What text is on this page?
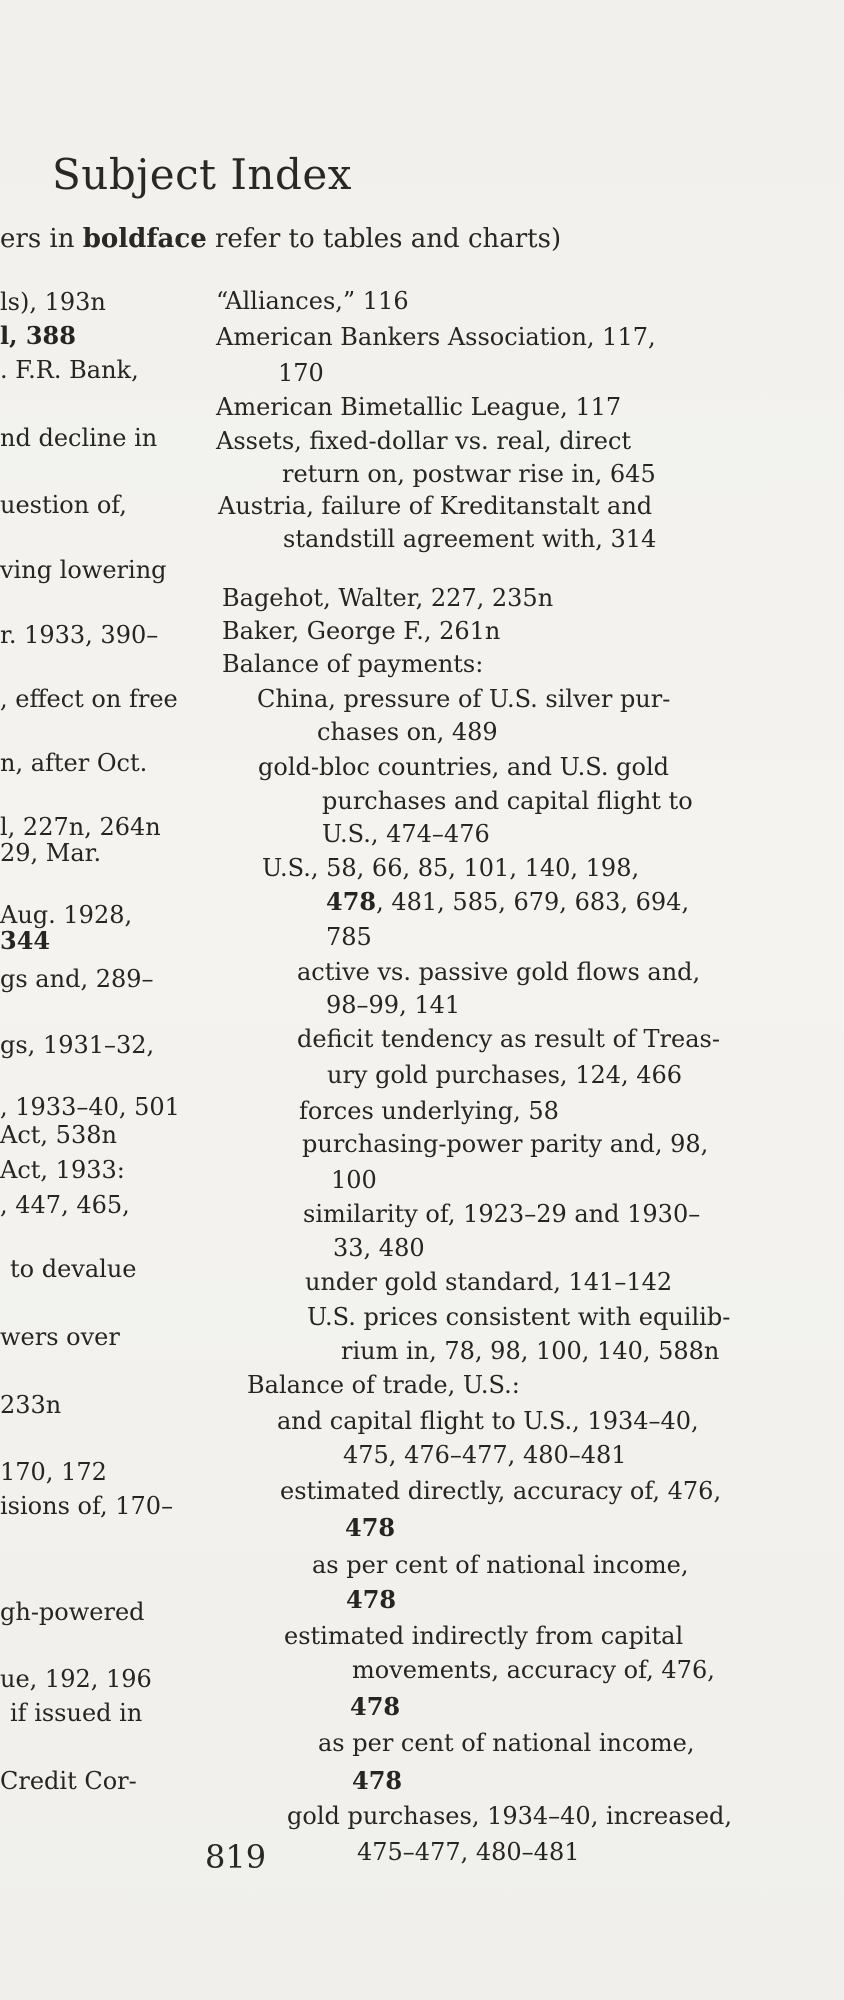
Subject Index
ers in boldface refer to tables and charts)
ls), 193n
l, 388
. F.R. Bank,
nd decline in
uestion of,
ving lowering
r. 1933, 390–
, effect on free
n, after Oct.
l, 227n, 264n
29, Mar.
Aug. 1928,
344
gs and, 289–
gs, 1931–32,
, 1933–40, 501
Act, 538n
Act, 1933:
, 447, 465,
to devalue
wers over
233n
170, 172
isions of, 170–
gh-powered
ue, 192, 196
if issued in
Credit Cor-
“Alliances,” 116
American Bankers Association, 117,
170
American Bimetallic League, 117
Assets, fixed-dollar vs. real, direct
return on, postwar rise in, 645
Austria, failure of Kreditanstalt and
standstill agreement with, 314
Bagehot, Walter, 227, 235n
Baker, George F., 261n
Balance of payments:
China, pressure of U.S. silver pur-
chases on, 489
gold-bloc countries, and U.S. gold
purchases and capital flight to
U.S., 474–476
U.S., 58, 66, 85, 101, 140, 198,
478, 481, 585, 679, 683, 694,
785
active vs. passive gold flows and,
98–99, 141
deficit tendency as result of Treas-
ury gold purchases, 124, 466
forces underlying, 58
purchasing-power parity and, 98,
100
similarity of, 1923–29 and 1930–
33, 480
under gold standard, 141–142
U.S. prices consistent with equilib-
rium in, 78, 98, 100, 140, 588n
Balance of trade, U.S.:
and capital flight to U.S., 1934–40,
475, 476–477, 480–481
estimated directly, accuracy of, 476,
478
as per cent of national income,
478
estimated indirectly from capital
movements, accuracy of, 476,
478
as per cent of national income,
478
gold purchases, 1934–40, increased,
475–477, 480–481
819
